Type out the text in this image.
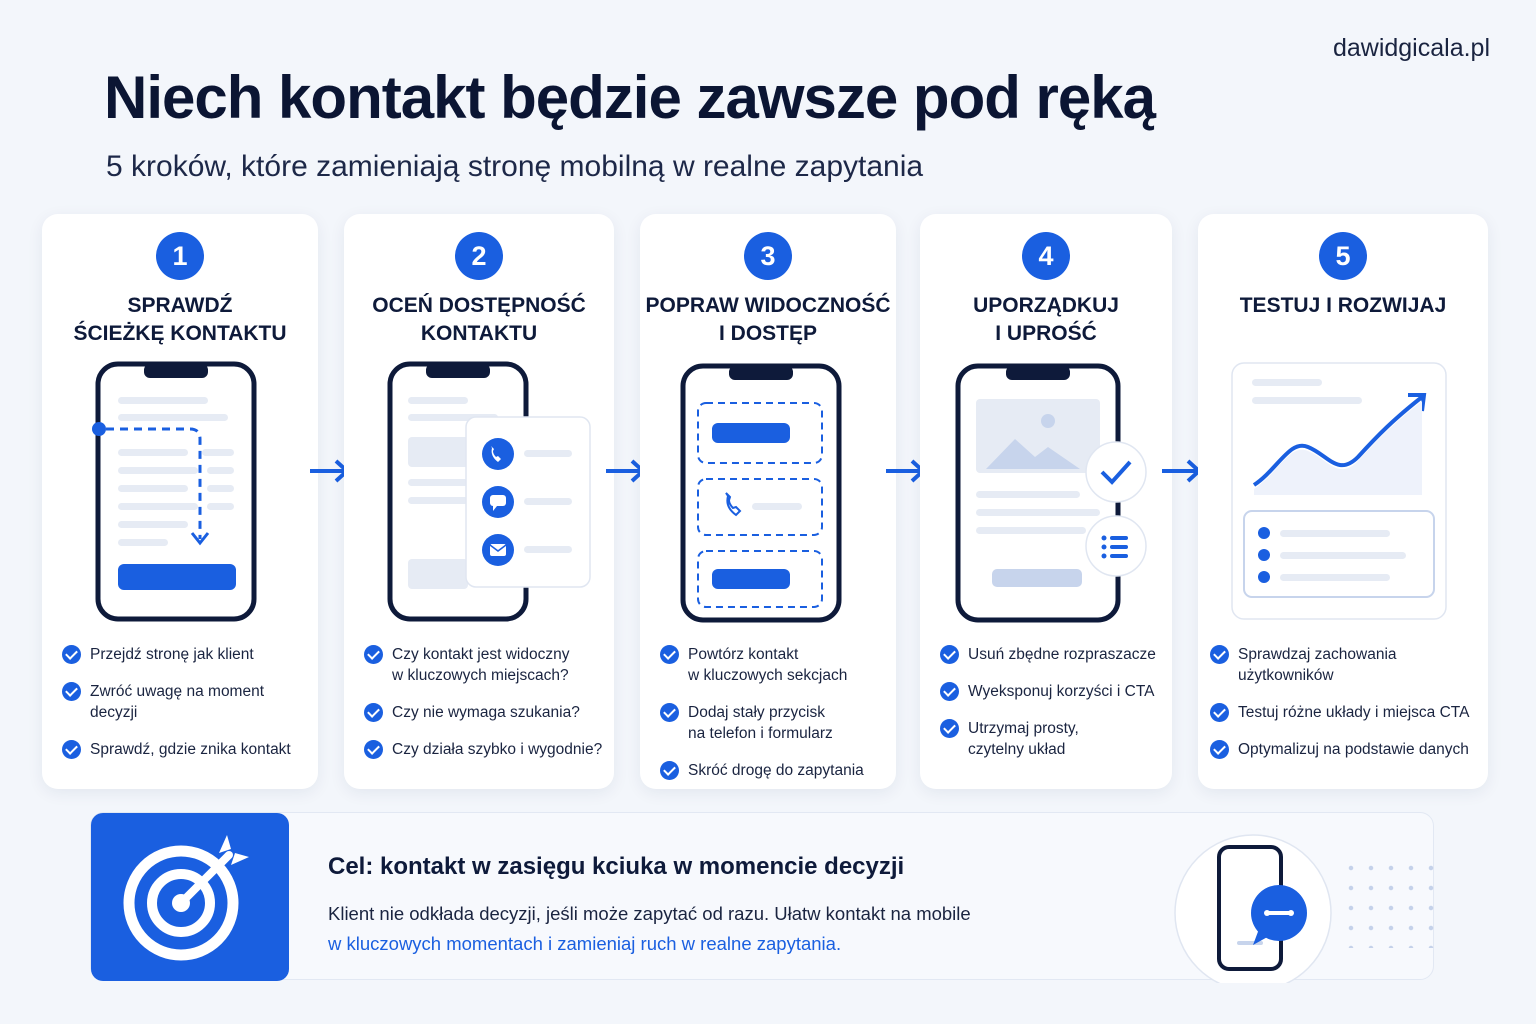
dawidgicala.pl
Niech kontakt będzie zawsze pod ręką
5 kroków, które zamieniają stronę mobilną w realne zapytania
1
SPRAWDŹ
ŚCIEŻKĘ KONTAKTU
Przejdź stronę jak klient
Zwróć uwagę na moment decyzji
Sprawdź, gdzie znika kontakt
2
OCEŃ DOSTĘPNOŚĆ
KONTAKTU
Czy kontakt jest widoczny
w kluczowych miejscach?
Czy nie wymaga szukania?
Czy działa szybko i wygodnie?
3
POPRAW WIDOCZNOŚĆ
I DOSTĘP
Powtórz kontakt
w kluczowych sekcjach
Dodaj stały przycisk
na telefon i formularz
Skróć drogę do zapytania
4
UPORZĄDKUJ
I UPROŚĆ
Usuń zbędne rozpraszacze
Wyeksponuj korzyści i CTA
Utrzymaj prosty,
czytelny układ
5
TESTUJ I ROZWIJAJ
Sprawdzaj zachowania użytkowników
Testuj różne układy i miejsca CTA
Optymalizuj na podstawie danych
Cel: kontakt w zasięgu kciuka w momencie decyzji
Klient nie odkłada decyzji, jeśli może zapytać od razu. Ułatw kontakt na mobile
w kluczowych momentach i zamieniaj ruch w realne zapytania.
